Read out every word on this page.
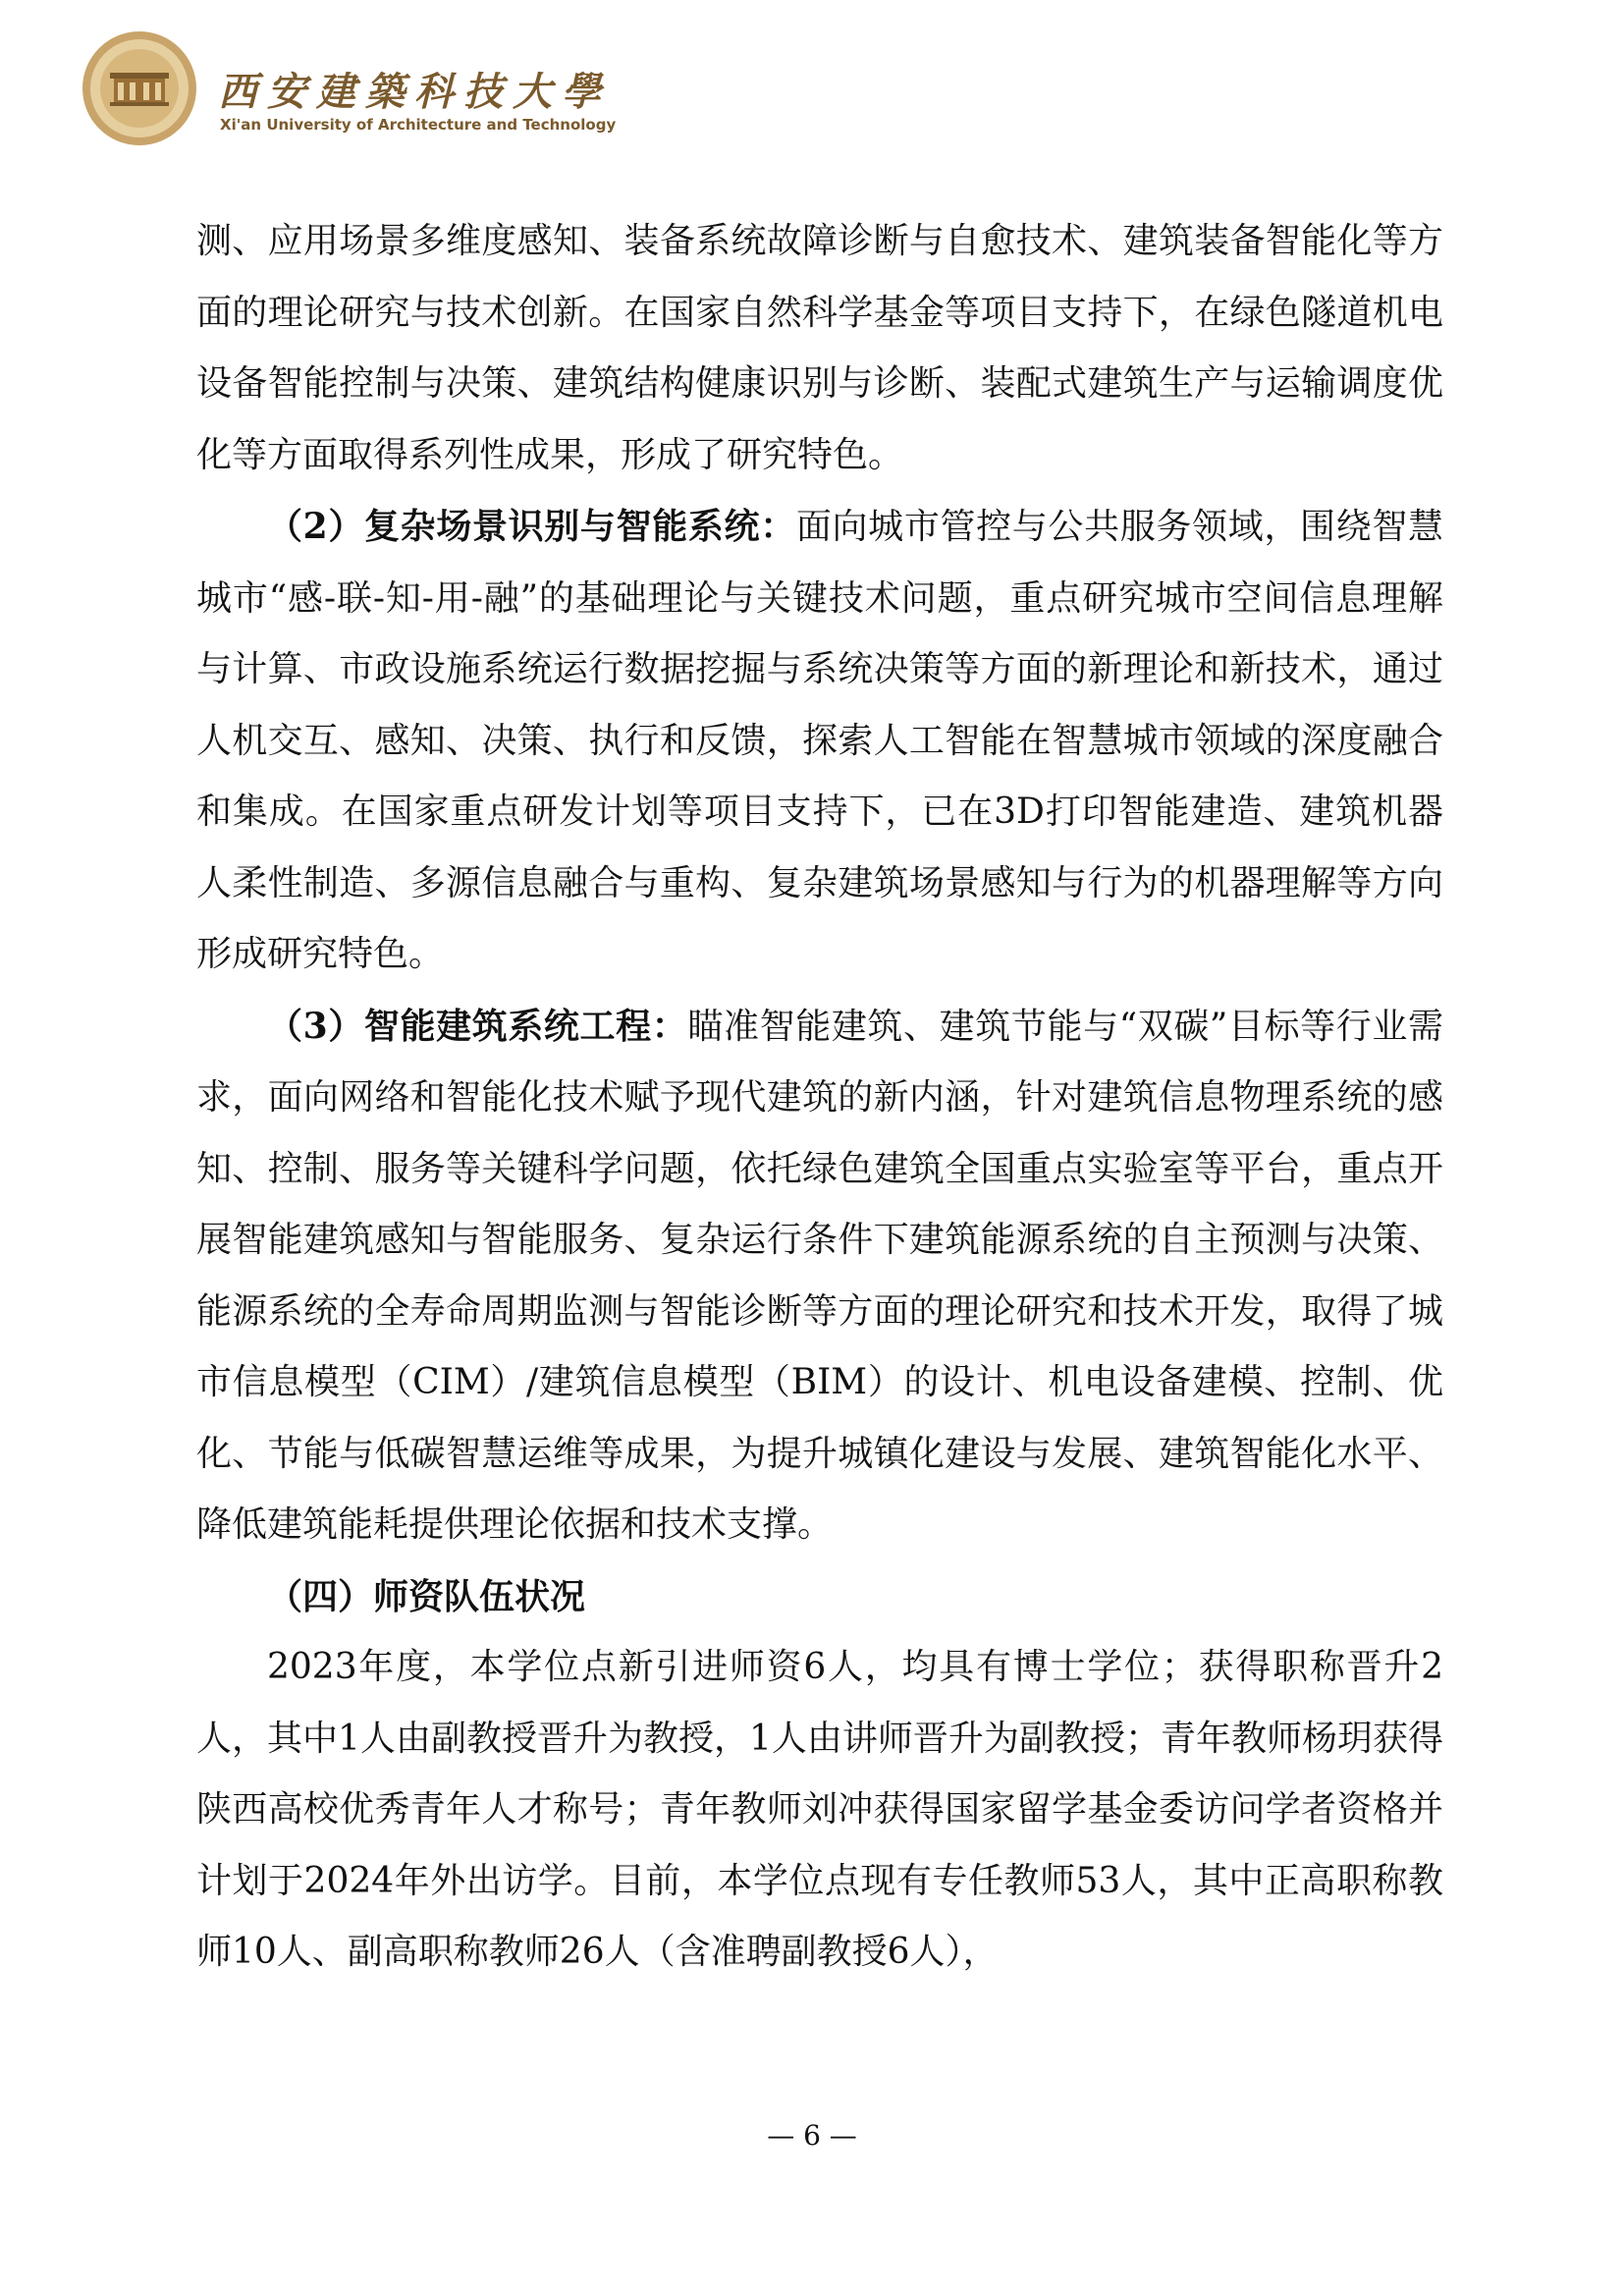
西安建築科技大學
Xi'an University of Architecture and Technology

测、应用场景多维度感知、装备系统故障诊断与自愈技术、建筑装备智能化等方面的理论研究与技术创新。在国家自然科学基金等项目支持下，在绿色隧道机电设备智能控制与决策、建筑结构健康识别与诊断、装配式建筑生产与运输调度优化等方面取得系列性成果，形成了研究特色。

（2）复杂场景识别与智能系统：面向城市管控与公共服务领域，围绕智慧城市“感-联-知-用-融”的基础理论与关键技术问题，重点研究城市空间信息理解与计算、市政设施系统运行数据挖掘与系统决策等方面的新理论和新技术，通过人机交互、感知、决策、执行和反馈，探索人工智能在智慧城市领域的深度融合和集成。在国家重点研发计划等项目支持下，已在3D打印智能建造、建筑机器人柔性制造、多源信息融合与重构、复杂建筑场景感知与行为的机器理解等方向形成研究特色。

（3）智能建筑系统工程：瞄准智能建筑、建筑节能与“双碳”目标等行业需求，面向网络和智能化技术赋予现代建筑的新内涵，针对建筑信息物理系统的感知、控制、服务等关键科学问题，依托绿色建筑全国重点实验室等平台，重点开展智能建筑感知与智能服务、复杂运行条件下建筑能源系统的自主预测与决策、能源系统的全寿命周期监测与智能诊断等方面的理论研究和技术开发，取得了城市信息模型（CIM）/建筑信息模型（BIM）的设计、机电设备建模、控制、优化、节能与低碳智慧运维等成果，为提升城镇化建设与发展、建筑智能化水平、降低建筑能耗提供理论依据和技术支撑。

（四）师资队伍状况

2023年度，本学位点新引进师资6人，均具有博士学位；获得职称晋升2人，其中1人由副教授晋升为教授，1人由讲师晋升为副教授；青年教师杨玥获得陕西高校优秀青年人才称号；青年教师刘冲获得国家留学基金委访问学者资格并计划于2024年外出访学。目前，本学位点现有专任教师53人，其中正高职称教师10人、副高职称教师26人（含准聘副教授6人），

— 6 —
